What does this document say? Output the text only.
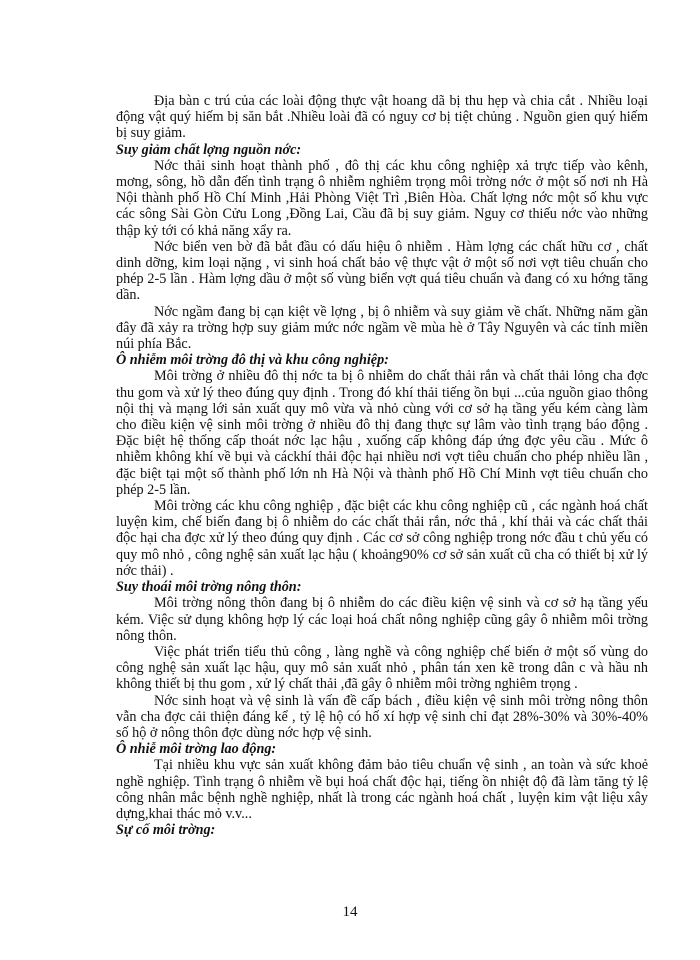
Địa bàn c trú của các loài động thực vật hoang dã bị thu hẹp và chia cắt . Nhiều loại động vật quý hiếm bị săn bắt .Nhiều loài đã có nguy cơ bị tiệt chủng . Nguồn gien quý hiếm bị suy giảm.

Suy giảm chất lợng nguồn nớc:

Nớc thải sinh hoạt thành phố , đô thị các khu công nghiệp xả trực tiếp vào kênh, mơng, sông, hồ dẫn đến tình trạng ô nhiễm nghiêm trọng môi trờng nớc ở một số nơi nh Hà Nội thành phố Hồ Chí Minh ,Hải Phòng Việt Trì ,Biên Hòa. Chất lợng nớc một số khu vực các sông Sài Gòn Cửu Long ,Đồng Lai, Cầu đã bị suy giảm. Nguy cơ thiếu nớc vào những thập kỷ tới có khả năng xẩy ra.

Nớc biển ven bờ đã bắt đầu có dấu hiệu ô nhiễm . Hàm lợng các chất hữu cơ , chất dinh dỡng, kim loại nặng , vi sinh hoá chất bảo vệ thực vật ở một số nơi vợt tiêu chuẩn cho phép 2-5 lần . Hàm lợng dầu ở một số vùng biển vợt quá tiêu chuẩn và đang có xu hớng tăng dần.

Nớc ngầm đang bị cạn kiệt về lợng , bị ô nhiễm và suy giảm về chất. Những năm gần đây đã xảy ra trờng hợp suy giảm mức nớc ngầm về mùa hè ở Tây Nguyên và các tỉnh miền núi phía Bắc.

Ô nhiễm môi trờng đô thị và khu công nghiệp:

Môi trờng ở nhiều đô thị nớc ta bị ô nhiễm do chất thải rắn và chất thải lỏng cha đợc thu gom và xử lý theo đúng quy định . Trong đó khí thải tiếng ồn bụi ...của nguồn giao thông nội thị và mạng lới sản xuất quy mô vừa và nhỏ cùng với cơ sở hạ tầng yếu kém càng làm cho điều kiện vệ sinh môi trờng ở nhiều đô thị đang thực sự lâm vào tình trạng báo động . Đặc biệt hệ thống cấp thoát nớc lạc hậu , xuống cấp không đáp ứng đợc yêu cầu . Mức ô nhiễm không khí về bụi và cáckhí thải độc hại nhiều nơi vợt tiêu chuẩn cho phép nhiều lần , đặc biệt tại một số thành phố lớn nh Hà Nội và thành phố Hồ Chí Minh vợt tiêu chuẩn cho phép 2-5 lần.

Môi trờng các khu công nghiệp , đặc biệt các khu công nghiệp cũ , các ngành hoá chất luyện kim, chế biến đang bị ô nhiễm do các chất thải rắn, nớc thả , khí thải và các chất thải độc hại cha đợc xử lý theo đúng quy định . Các cơ sở công nghiệp trong nớc đầu t chủ yếu có quy mô nhỏ , công nghệ sản xuất lạc hậu ( khoảng90% cơ sở sản xuất cũ cha có thiết bị xử lý nớc thải) .

Suy thoái môi trờng nông thôn:

Môi trờng nông thôn đang bị ô nhiễm do các điều kiện vệ sinh và cơ sở hạ tầng yếu kém. Việc sử dụng không hợp lý các loại hoá chất nông nghiệp cũng gây ô nhiễm môi trờng nông thôn.

Việc phát triển tiểu thủ công , làng nghề và công nghiệp chế biến ở một số vùng do công nghệ sản xuất lạc hậu, quy mô sản xuất nhỏ , phân tán xen kẽ trong dân c và hầu nh không thiết bị thu gom , xử lý chất thải ,đã gây ô nhiễm môi trờng nghiêm trọng .

Nớc sinh hoạt và vệ sinh là vấn đề cấp bách , điều kiện vệ sinh môi trờng nông thôn vẫn cha đợc cải thiện đáng kể , tỷ lệ hộ có hố xí hợp vệ sinh chỉ đạt 28%-30% và 30%-40% số hộ ở nông thôn đợc dùng nớc hợp vệ sinh.

Ô nhiễ môi trờng lao động:

Tại nhiều khu vực sản xuất không đảm bảo tiêu chuẩn vệ sinh , an toàn và sức khoẻ nghề nghiệp. Tình trạng ô nhiễm về bụi hoá chất độc hại, tiếng ồn nhiệt độ đã làm tăng tỷ lệ công nhân mắc bệnh nghề nghiệp, nhất là trong các ngành hoá chất , luyện kim vật liệu xây dựng,khai thác mỏ v.v...

Sự cố môi trờng:

14
